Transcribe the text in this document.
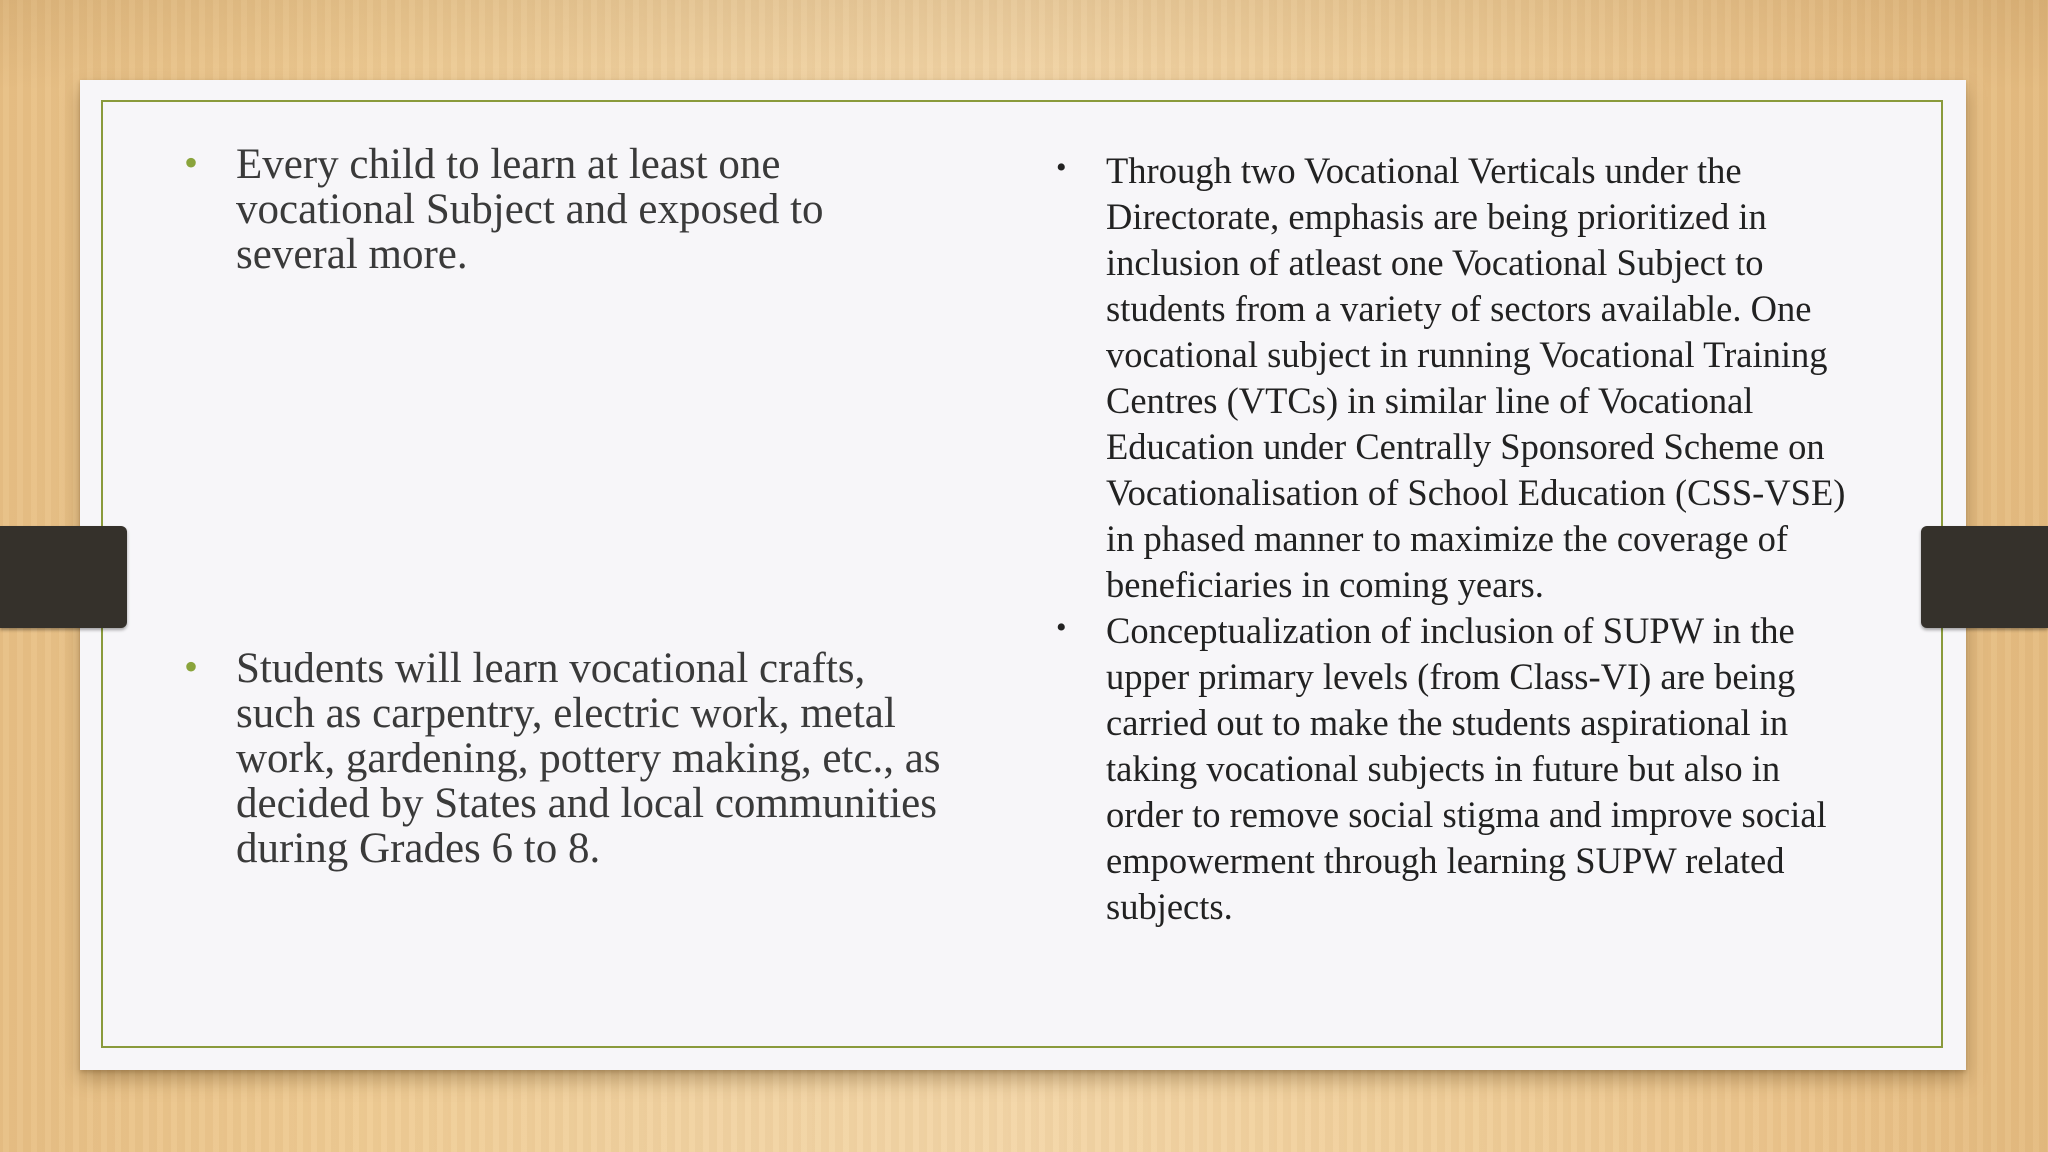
• Every child to learn at least one vocational Subject and exposed to several more.
• Students will learn vocational crafts, such as carpentry, electric work, metal work, gardening, pottery making, etc., as decided by States and local communities during Grades 6 to 8.
• Through two Vocational Verticals under the Directorate, emphasis are being prioritized in inclusion of atleast one Vocational Subject to students from a variety of sectors available. One vocational subject in running Vocational Training Centres (VTCs) in similar line of Vocational Education under Centrally Sponsored Scheme on Vocationalisation of School Education (CSS-VSE) in phased manner to maximize the coverage of beneficiaries in coming years.
• Conceptualization of inclusion of SUPW in the upper primary levels (from Class-VI) are being carried out to make the students aspirational in taking vocational subjects in future but also in order to remove social stigma and improve social empowerment through learning SUPW related subjects.
